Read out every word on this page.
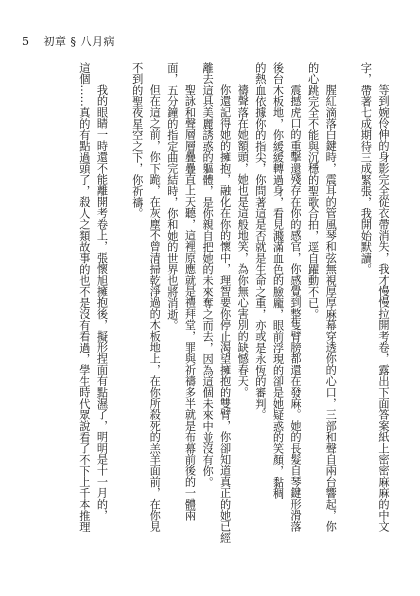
5 初章 § 八月病
等到婉伶伸的身影完全從衣帶消失，我才慢慢拉開考卷，露出下面答案紙上密密麻麻的中文
字，帶著七成期待三成緊張，我開始默讀。
腥紅滴落白鍵時，震耳的管風琴和弦無視厚厚麻幕穿透你的心口，三部和聲自兩台響起，你
的心跳完全不能與沉穩的聖歌合拍，逕自躍動不已。
震撼虎口的重擊還殘存在你的感官，你感覺到整隻臂膀都還在發麻。她的長髮自琴鍵形滑落
後台木板地，你緩緩轉過身，看見濺滿血色的臉龐，眼前浮現的卻是她疑惑的笑顏，黏稠
的熱血依據你的指尖，你問著這是否就是生命之重，亦或是永恆的審判。
禱聲落在她額頭，她也是這般地笑，為你無心害別的缺憾春天。
你還記得她的擁抱，融化在你的懷中，理智要你停止渴望擁抱的雙臂，你卻知道真正的她已經
離去這具美麗誘惑的軀體，是你親自把她的未來奪之而去，因為這個未來中並沒有你。
聖詠和聲層層疊疊直上天聽，這裡原應就是禮拜堂，罪與祈禱多半就是布幕前後的一體兩
面，五分鐘的指定曲完結時，你和她的世界也將消逝。
但在這之前，你下跪，在灰塵不曾清掃乾淨過的木板地上，在你所殺死的羔羊面前，在你見
不到的聖夜星空之下，你祈禱。
我的眼睛一時還不能離開考卷上，張懷旭擁抱後，擬形捏面有點濕了，明明是十一月的，
這個……真的有點過頭了，殺人之類故事的也不是沒有看過，學生時代眾說看了不下上千本推理
